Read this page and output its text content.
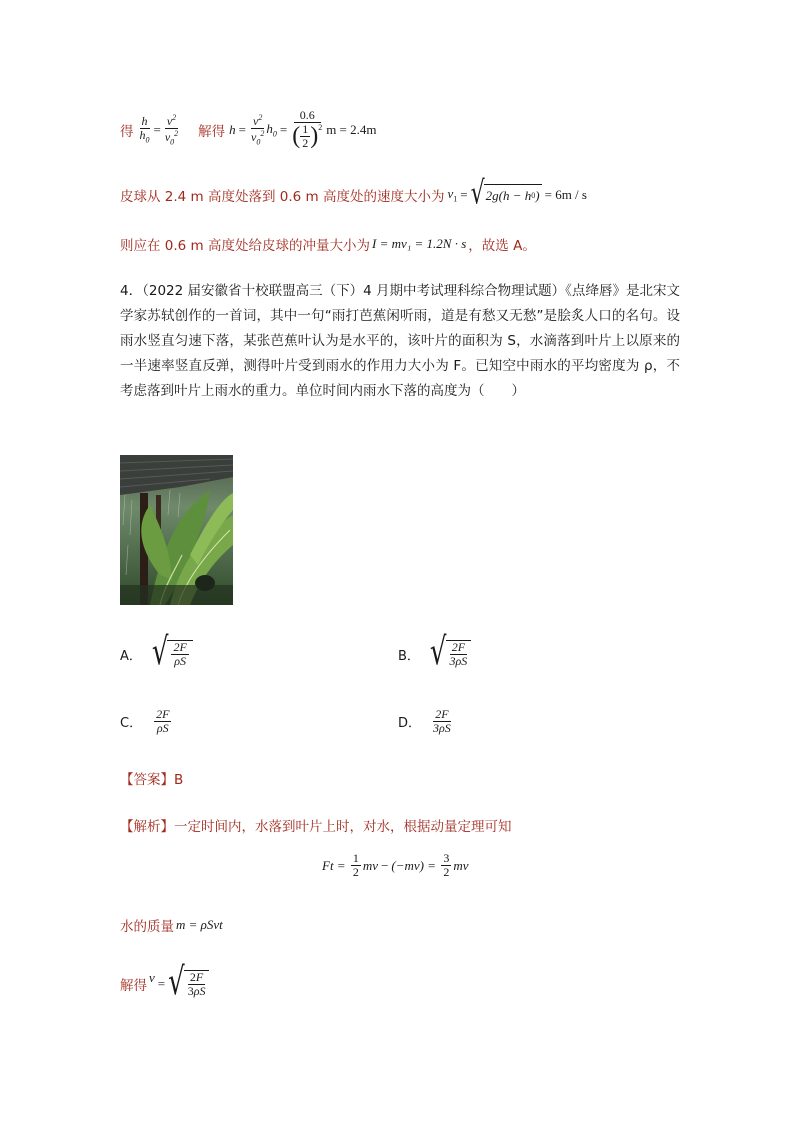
得 $\frac{h}{h_0} = \frac{v^2}{v_0^2}$ 解得 $h = \frac{v^2}{v_0^2} h_0 = \frac{0.6}{( \frac{1}{2} )^2}$ m = 2.4m
皮球从 2.4 m 高度处落到 0.6 m 高度处的速度大小为 $v_1$ = √ 2g(h − h 0 ) = 6m / s
则应在 0.6 m 高度处给皮球的冲量大小为 I = mv₁ = 1.2N · s ，故选 A。
4．（2022 届安徽省十校联盟高三（下）4 月期中考试理科综合物理试题）《点绛唇》是北宋文学家苏轼创作的一首词，其中一句“雨打芭蕉闲听雨，道是有愁又无愁”是脍炙人口的名句。设雨水竖直匀速下落，某张芭蕉叶认为是水平的，该叶片的面积为 S，水滴落到叶片上以原来的一半速率竖直反弹，测得叶片受到雨水的作用力大小为 F。已知空中雨水的平均密度为 ρ，不考虑落到叶片上雨水的重力。单位时间内雨水下落的高度为（　　）
A． √ $\frac{2F}{\rho S}$	B． √ $\frac{2F}{3\rho S}$
C． $\frac{2F}{\rho S}$	D． $\frac{2F}{3\rho S}$
【答案】B
【解析】一定时间内，水落到叶片上时，对水，根据动量定理可知
$Ft = \frac{1}{2}$ mv − $(-mv) = \frac{3}{2}$ mv
水的质量 m = ρSvt
解得
v = √ $\frac{2F}{3\rho S}$
